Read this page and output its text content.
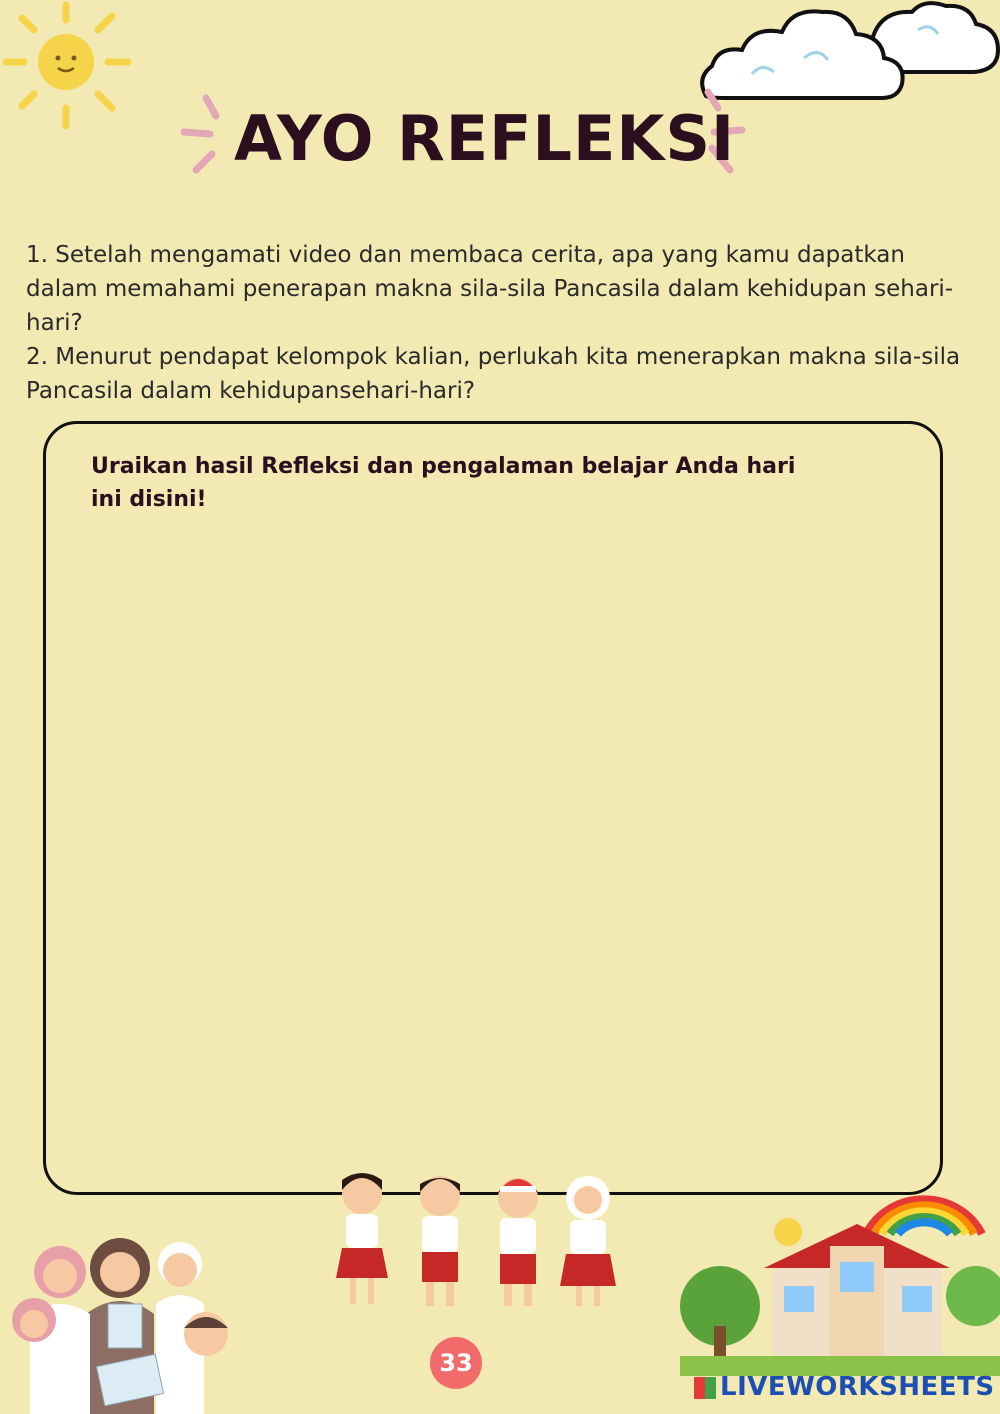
AYO REFLEKSI

1. Setelah mengamati video dan membaca cerita, apa yang kamu dapatkan dalam memahami penerapan makna sila-sila Pancasila dalam kehidupan sehari-hari?

2. Menurut pendapat kelompok kalian, perlukah kita menerapkan makna sila-sila Pancasila dalam kehidupansehari-hari?

Uraikan hasil Refleksi dan pengalaman belajar Anda hari ini disini!

33
LIVEWORKSHEETS
